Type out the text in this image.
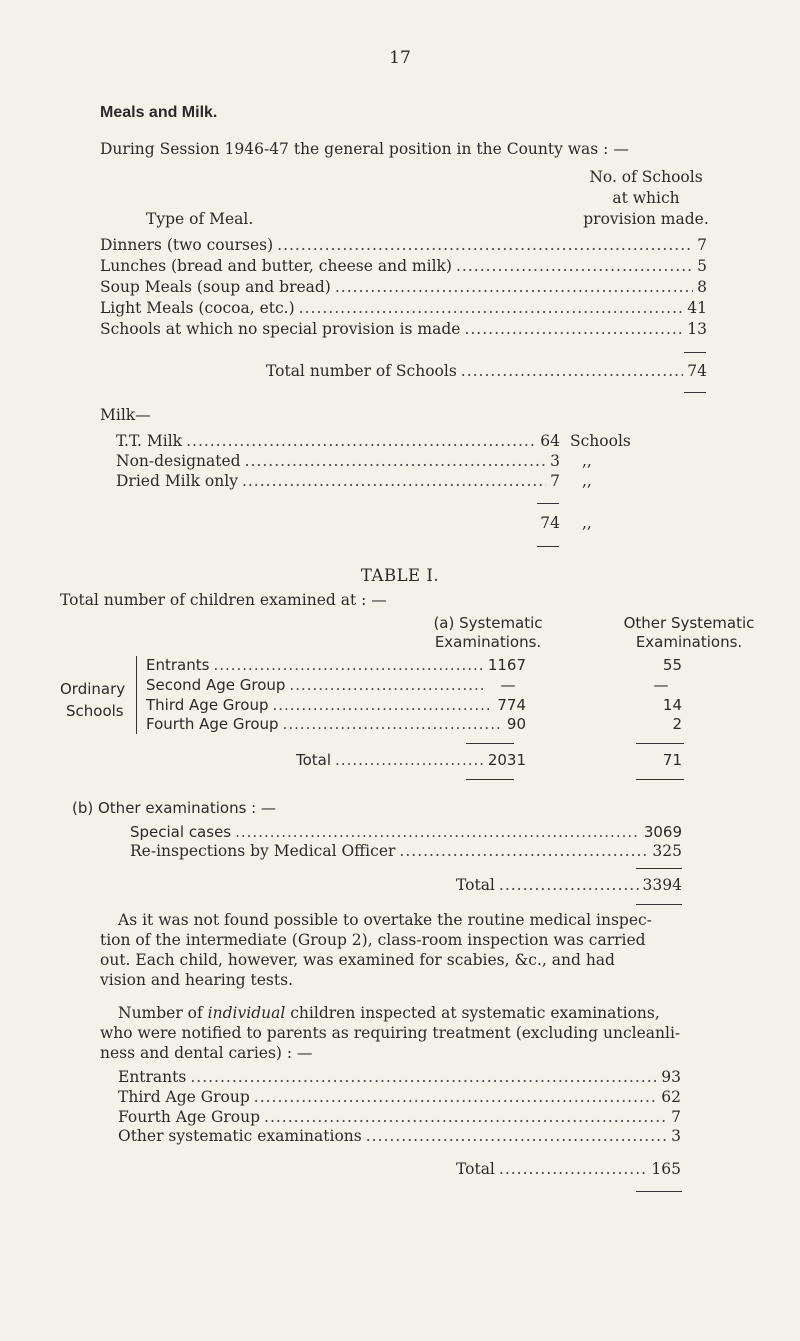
17
Meals and Milk.
During Session 1946-47 the general position in the County was : —
Type of Meal.
No. of Schools
at which
provision made.
Dinners (two courses) .....	7
Lunches (bread and butter, cheese and milk) .....	5
Soup Meals (soup and bread) .....	8
Light Meals (cocoa, etc.) .....	41
Schools at which no special provision is made .....	13
Total number of Schools .....	74
Milk—
T.T. Milk .....	64 Schools
Non-designated .....	3 ,,
Dried Milk only .....	7 ,,
74 ,,
TABLE I.
Total number of children examined at : —
(a) Systematic
Examinations.
Other Systematic
Examinations.
Ordinary
Schools
Entrants .....	1167	55
Second Age Group .....	—	—
Third Age Group .....	774	14
Fourth Age Group .....	90	2
Total .....	2031	71
(b) Other examinations : —
Special cases .....	3069
Re-inspections by Medical Officer .....	325
Total .....	3394
As it was not found possible to overtake the routine medical inspec-
tion of the intermediate (Group 2), class-room inspection was carried
out. Each child, however, was examined for scabies, &c., and had
vision and hearing tests.
Number of individual children inspected at systematic examinations,
who were notified to parents as requiring treatment (excluding uncleanli-
ness and dental caries) : —
Entrants .....	93
Third Age Group .....	62
Fourth Age Group .....	7
Other systematic examinations .....	3
Total .....	165
